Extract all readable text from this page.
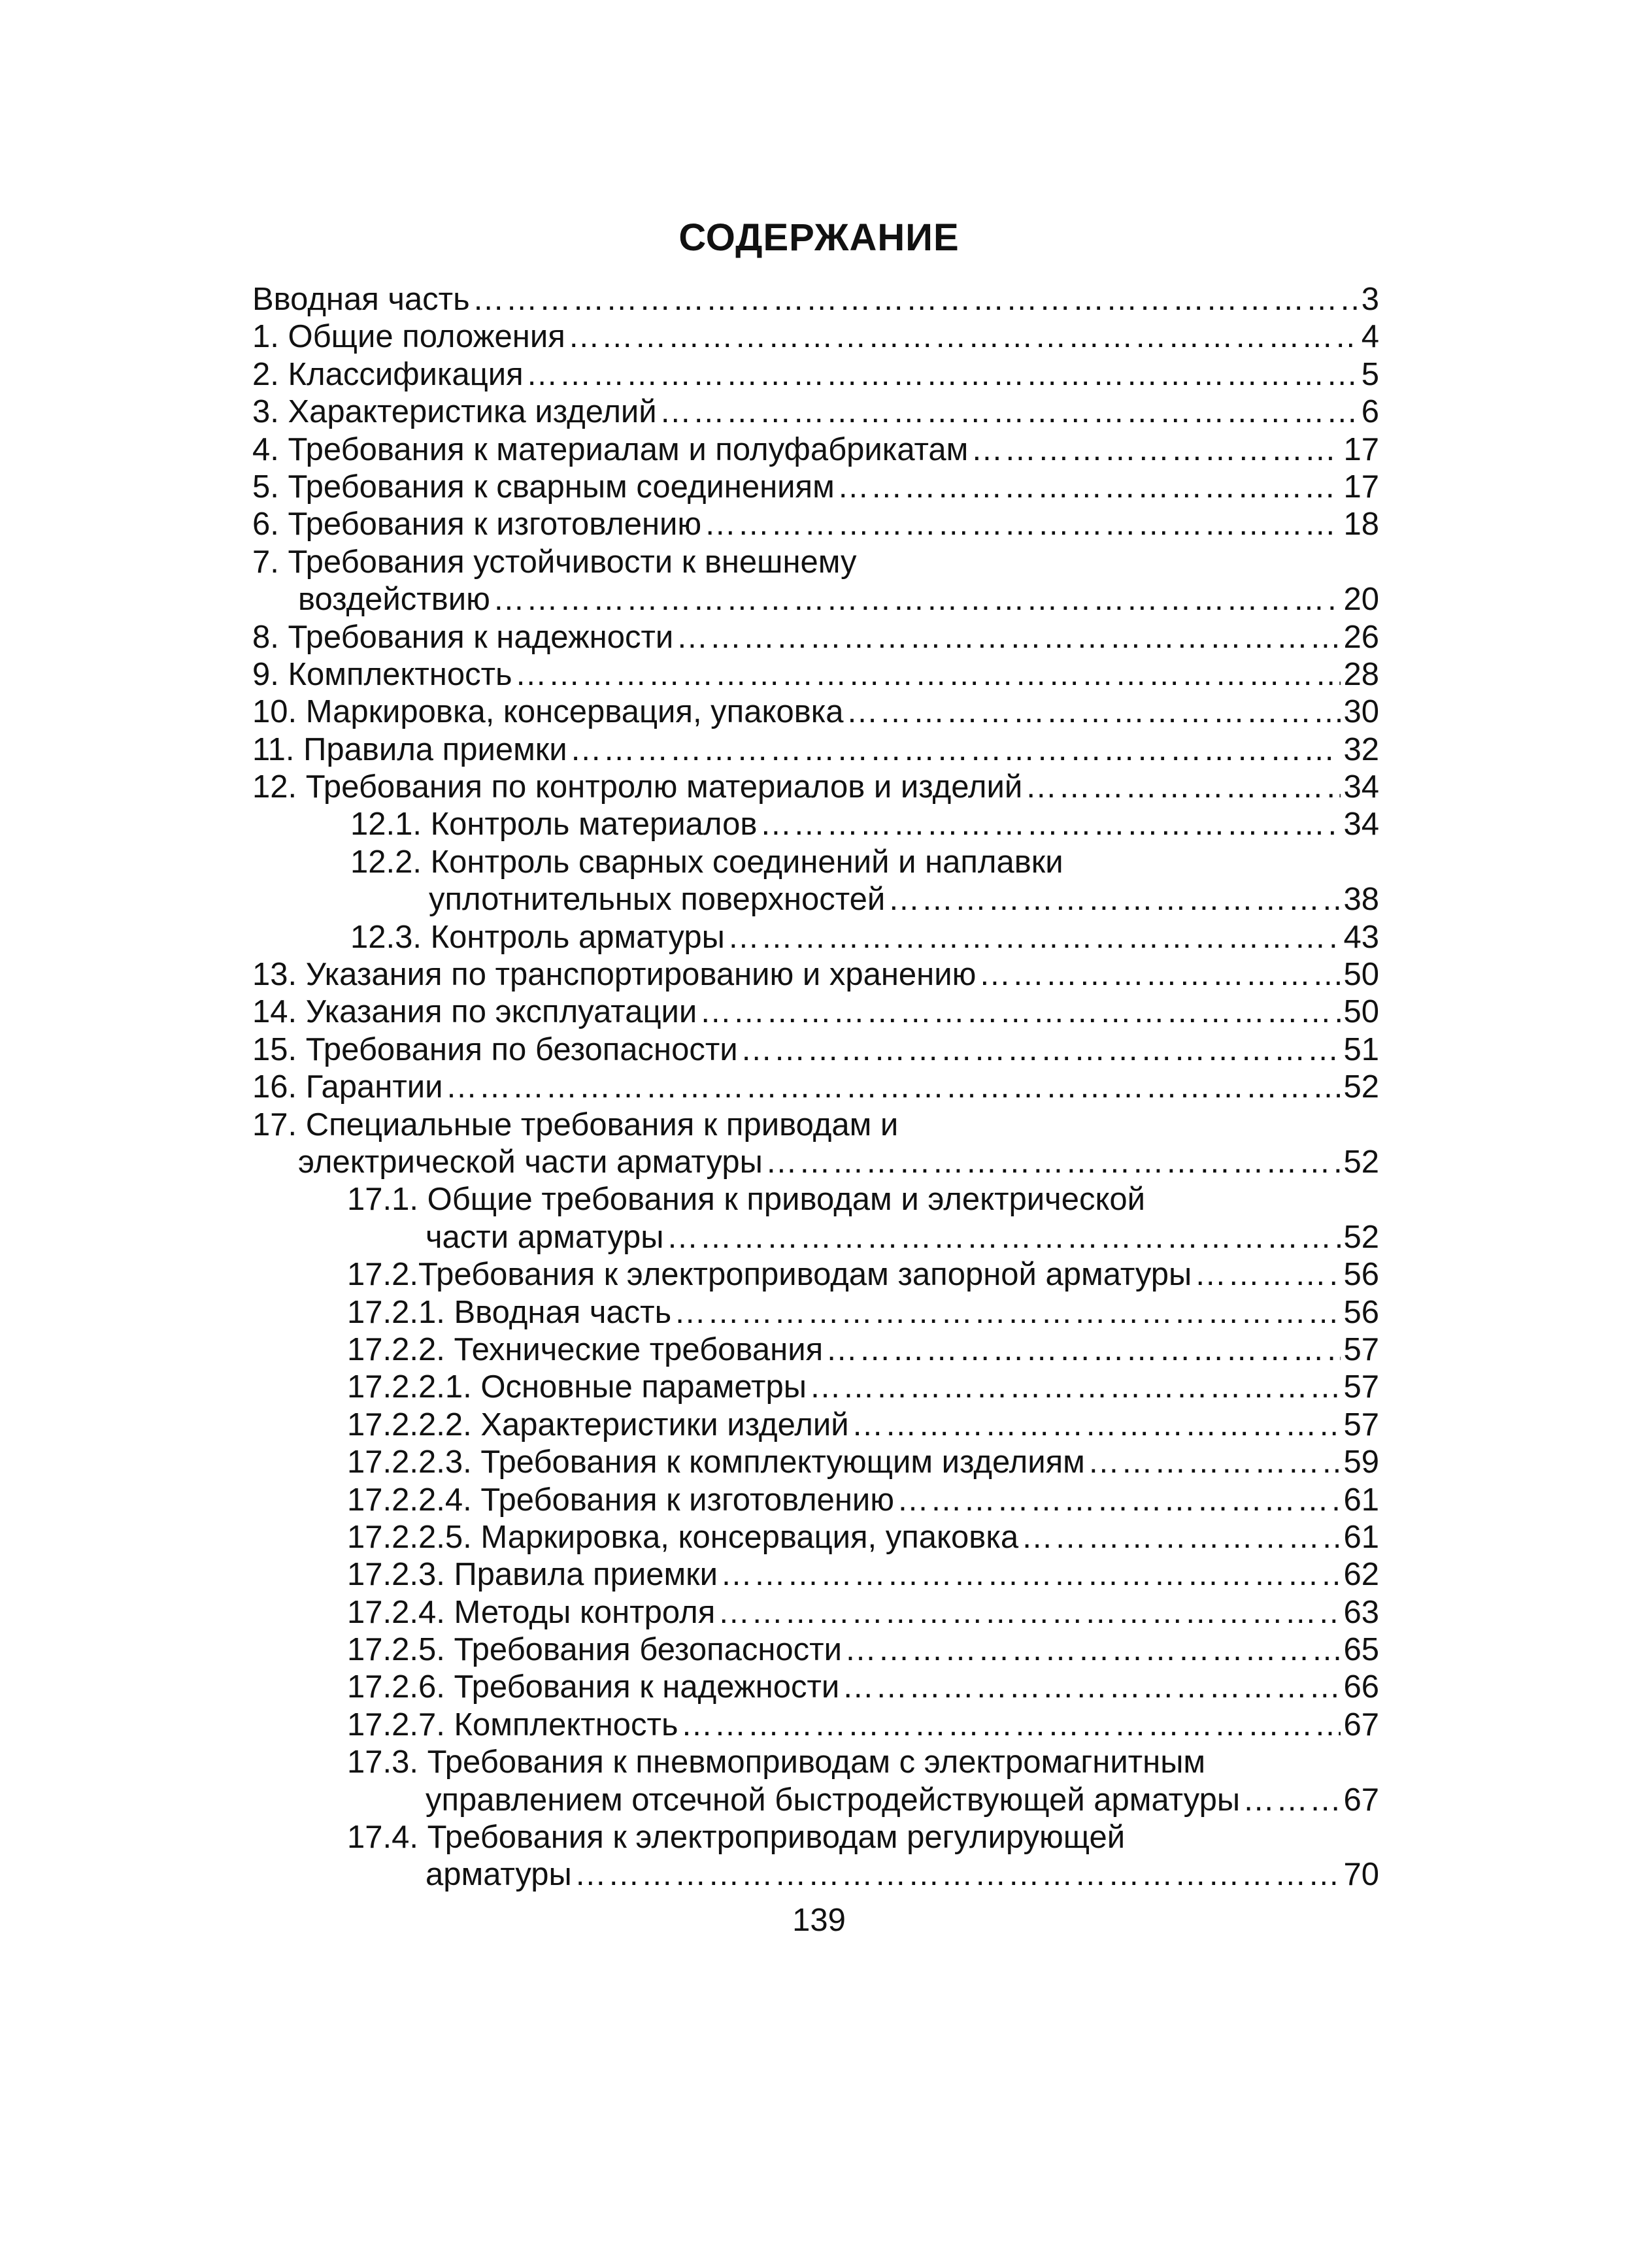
СОДЕРЖАНИЕ
Вводная часть ……………………………………………………………………………………………………………………………………………………………………	3
1. Общие положения ……………………………………………………………………………………………………………………………………………………………………	4
2. Классификация ……………………………………………………………………………………………………………………………………………………………………	5
3. Характеристика изделий ……………………………………………………………………………………………………………………………………………………………………	6
4. Требования к материалам и полуфабрикатам ……………………………………………………………………………………………………………………………………………………………………	17
5. Требования к сварным соединениям ……………………………………………………………………………………………………………………………………………………………………	17
6. Требования к изготовлению ……………………………………………………………………………………………………………………………………………………………………	18
7. Требования устойчивости к внешнему
воздействию ……………………………………………………………………………………………………………………………………………………………………	20
8. Требования к надежности ……………………………………………………………………………………………………………………………………………………………………	26
9. Комплектность ……………………………………………………………………………………………………………………………………………………………………	28
10. Маркировка, консервация, упаковка ……………………………………………………………………………………………………………………………………………………………………	30
11. Правила приемки ……………………………………………………………………………………………………………………………………………………………………	32
12. Требования по контролю материалов и изделий ……………………………………………………………………………………………………………………………………………………………………	34
12.1. Контроль материалов ……………………………………………………………………………………………………………………………………………………………………	34
12.2. Контроль сварных соединений и наплавки
уплотнительных поверхностей ……………………………………………………………………………………………………………………………………………………………………	38
12.3. Контроль арматуры ……………………………………………………………………………………………………………………………………………………………………	43
13. Указания по транспортированию и хранению ……………………………………………………………………………………………………………………………………………………………………	50
14. Указания по эксплуатации ……………………………………………………………………………………………………………………………………………………………………	50
15. Требования по безопасности ……………………………………………………………………………………………………………………………………………………………………	51
16. Гарантии ……………………………………………………………………………………………………………………………………………………………………	52
17. Специальные требования к приводам и
электрической части арматуры ……………………………………………………………………………………………………………………………………………………………………	52
17.1. Общие требования к приводам и электрической
части арматуры ……………………………………………………………………………………………………………………………………………………………………	52
17.2.Требования к электроприводам запорной арматуры ……………………………………………………………………………………………………………………………………………………………………	56
17.2.1. Вводная часть ……………………………………………………………………………………………………………………………………………………………………	56
17.2.2. Технические требования ……………………………………………………………………………………………………………………………………………………………………	57
17.2.2.1. Основные параметры ……………………………………………………………………………………………………………………………………………………………………	57
17.2.2.2. Характеристики изделий ……………………………………………………………………………………………………………………………………………………………………	57
17.2.2.3. Требования к комплектующим изделиям ……………………………………………………………………………………………………………………………………………………………………	59
17.2.2.4. Требования к изготовлению ……………………………………………………………………………………………………………………………………………………………………	61
17.2.2.5. Маркировка, консервация, упаковка ……………………………………………………………………………………………………………………………………………………………………	61
17.2.3. Правила приемки ……………………………………………………………………………………………………………………………………………………………………	62
17.2.4. Методы контроля ……………………………………………………………………………………………………………………………………………………………………	63
17.2.5. Требования безопасности ……………………………………………………………………………………………………………………………………………………………………	65
17.2.6. Требования к надежности ……………………………………………………………………………………………………………………………………………………………………	66
17.2.7. Комплектность ……………………………………………………………………………………………………………………………………………………………………	67
17.3. Требования к пневмоприводам с электромагнитным
управлением отсечной быстродействующей арматуры ……………………………………………………………………………………………………………………………………………………………………	67
17.4. Требования к электроприводам регулирующей
арматуры ……………………………………………………………………………………………………………………………………………………………………	70
139
